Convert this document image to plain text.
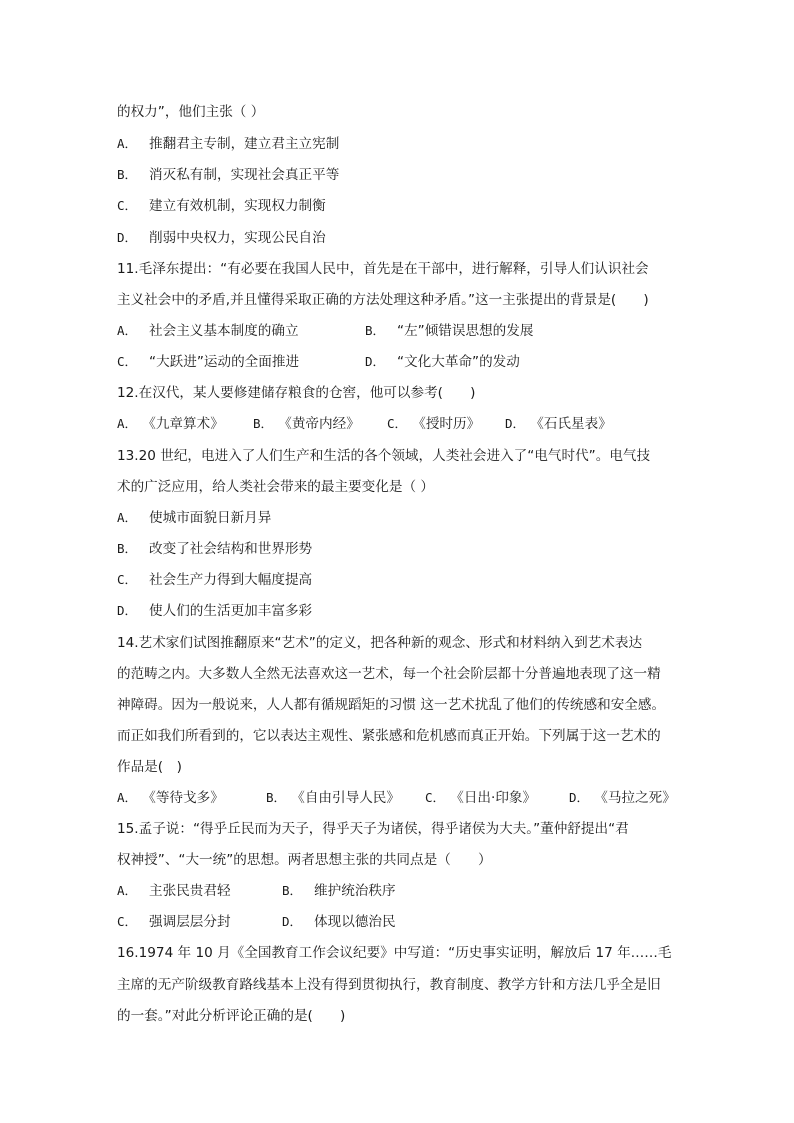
的权力”，他们主张（ ）
A． 推翻君主专制，建立君主立宪制
B． 消灭私有制，实现社会真正平等
C． 建立有效机制，实现权力制衡
D． 削弱中央权力，实现公民自治
11.毛泽东提出：“有必要在我国人民中，首先是在干部中，进行解释，引导人们认识社会
主义社会中的矛盾,并且懂得采取正确的方法处理这种矛盾。”这一主张提出的背景是(　　)
A． 社会主义基本制度的确立	B． “左”倾错误思想的发展
C． “大跃进”运动的全面推进	D． “文化大革命”的发动
12.在汉代，某人要修建储存粮食的仓窖，他可以参考(　　)
A． 《九章算术》 B． 《黄帝内经》 C． 《授时历》 D． 《石氏星表》
13.20 世纪，电进入了人们生产和生活的各个领域，人类社会进入了“电气时代”。电气技
术的广泛应用，给人类社会带来的最主要变化是（ ）
A． 使城市面貌日新月异
B． 改变了社会结构和世界形势
C． 社会生产力得到大幅度提高
D． 使人们的生活更加丰富多彩
14.艺术家们试图推翻原来“艺术”的定义，把各种新的观念、形式和材料纳入到艺术表达
的范畴之内。大多数人全然无法喜欢这一艺术，每一个社会阶层都十分普遍地表现了这一精
神障碍。因为一般说来，人人都有循规蹈矩的习惯 这一艺术扰乱了他们的传统感和安全感。
而正如我们所看到的，它以表达主观性、紧张感和危机感而真正开始。下列属于这一艺术的
作品是(　)
A． 《等待戈多》	B． 《自由引导人民》 C． 《日出·印象》	D． 《马拉之死》
15.孟子说：“得乎丘民而为天子，得乎天子为诸侯，得乎诸侯为大夫。”董仲舒提出“君
权神授”、“大一统”的思想。两者思想主张的共同点是（　　）
A． 主张民贵君轻	B． 维护统治秩序
C． 强调层层分封	D． 体现以德治民
16.1974 年 10 月《全国教育工作会议纪要》中写道：“历史事实证明，解放后 17 年……毛
主席的无产阶级教育路线基本上没有得到贯彻执行，教育制度、教学方针和方法几乎全是旧
的一套。”对此分析评论正确的是(　　)
